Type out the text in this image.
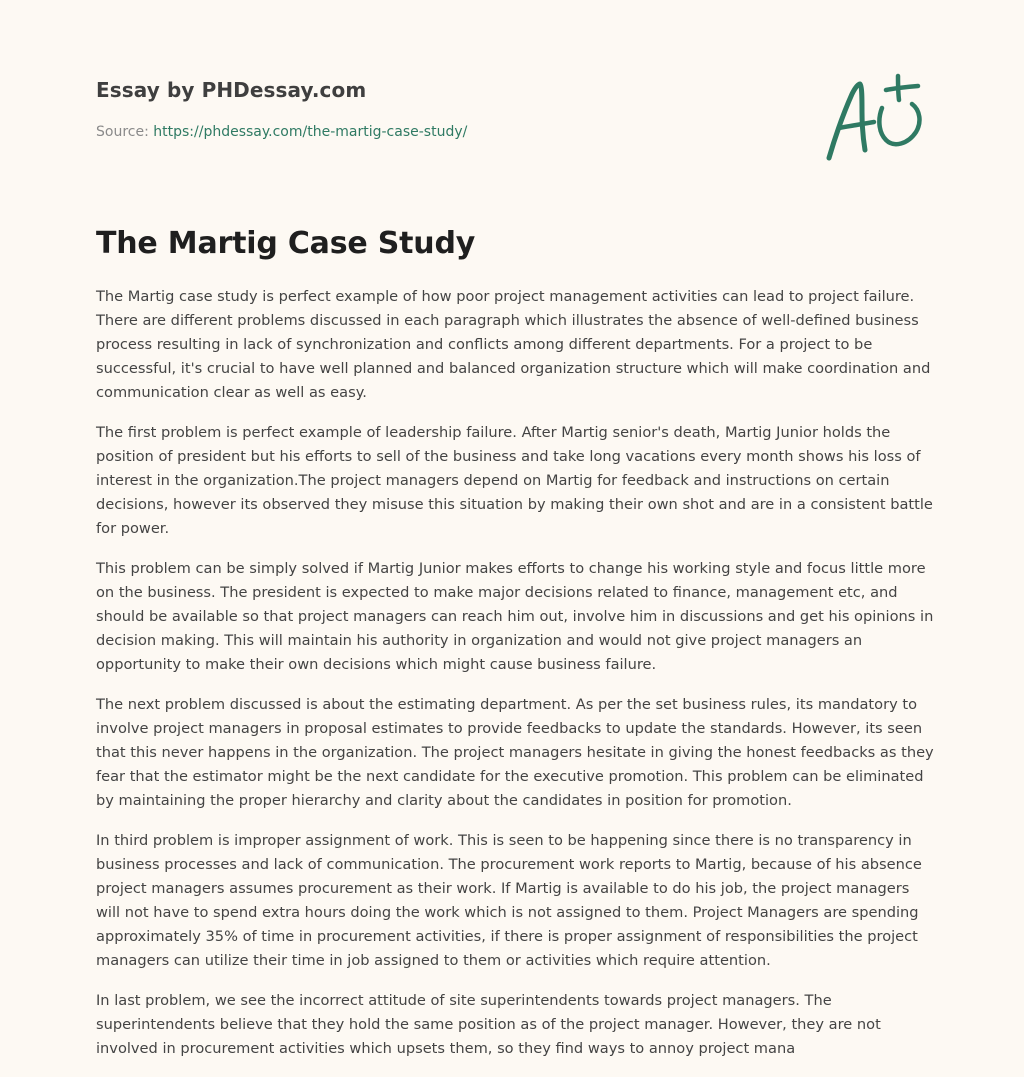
Essay by PHDessay.com
Source: https://phdessay.com/the-martig-case-study/
The Martig Case Study

The Martig case study is perfect example of how poor project management activities can lead to project failure. There are different problems discussed in each paragraph which illustrates the absence of well-defined business process resulting in lack of synchronization and conflicts among different departments. For a project to be successful, it's crucial to have well planned and balanced organization structure which will make coordination and communication clear as well as easy.

The first problem is perfect example of leadership failure. After Martig senior's death, Martig Junior holds the position of president but his efforts to sell of the business and take long vacations every month shows his loss of interest in the organization.The project managers depend on Martig for feedback and instructions on certain decisions, however its observed they misuse this situation by making their own shot and are in a consistent battle for power.

This problem can be simply solved if Martig Junior makes efforts to change his working style and focus little more on the business. The president is expected to make major decisions related to finance, management etc, and should be available so that project managers can reach him out, involve him in discussions and get his opinions in decision making. This will maintain his authority in organization and would not give project managers an opportunity to make their own decisions which might cause business failure.

The next problem discussed is about the estimating department. As per the set business rules, its mandatory to involve project managers in proposal estimates to provide feedbacks to update the standards. However, its seen that this never happens in the organization. The project managers hesitate in giving the honest feedbacks as they fear that the estimator might be the next candidate for the executive promotion. This problem can be eliminated by maintaining the proper hierarchy and clarity about the candidates in position for promotion.

In third problem is improper assignment of work. This is seen to be happening since there is no transparency in business processes and lack of communication. The procurement work reports to Martig, because of his absence project managers assumes procurement as their work. If Martig is available to do his job, the project managers will not have to spend extra hours doing the work which is not assigned to them. Project Managers are spending approximately 35% of time in procurement activities, if there is proper assignment of responsibilities the project managers can utilize their time in job assigned to them or activities which require attention.

In last problem, we see the incorrect attitude of site superintendents towards project managers. The superintendents believe that they hold the same position as of the project manager. However, they are not involved in procurement activities which upsets them, so they find ways to annoy project mana
